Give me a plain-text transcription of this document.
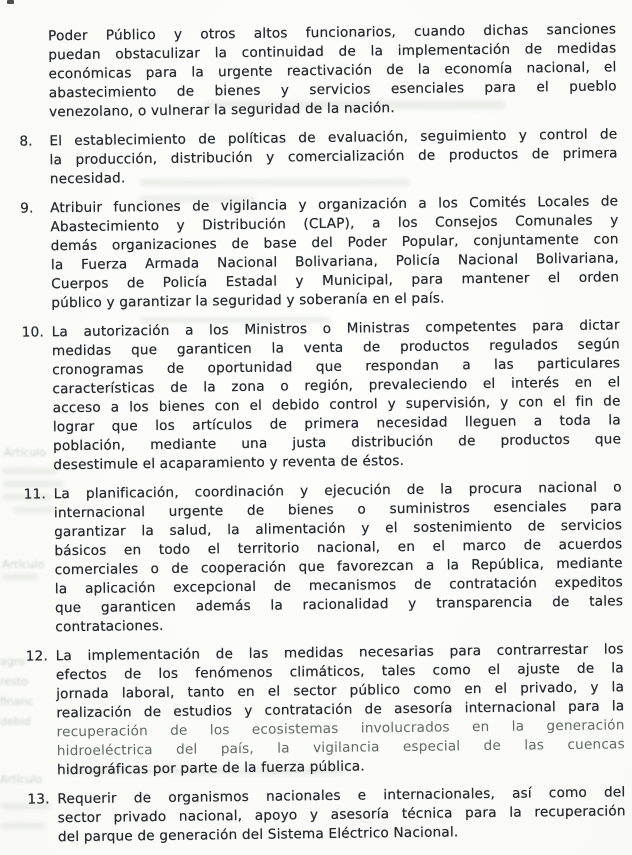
Artículo
Artículo
agro
resto
financ
debid
Artículo
Poder Público y otros altos funcionarios, cuando dichas sanciones
puedan obstaculizar la continuidad de la implementación de medidas
económicas para la urgente reactivación de la economía nacional, el
abastecimiento de bienes y servicios esenciales para el pueblo
venezolano, o vulnerar la seguridad de la nación.
8.	El establecimiento de políticas de evaluación, seguimiento y control de
la producción, distribución y comercialización de productos de primera
necesidad.
9.	Atribuir funciones de vigilancia y organización a los Comités Locales de
Abastecimiento y Distribución (CLAP), a los Consejos Comunales y
demás organizaciones de base del Poder Popular, conjuntamente con
la Fuerza Armada Nacional Bolivariana, Policía Nacional Bolivariana,
Cuerpos de Policía Estadal y Municipal, para mantener el orden
público y garantizar la seguridad y soberanía en el país.
10. La autorización a los Ministros o Ministras competentes para dictar
medidas que garanticen la venta de productos regulados según
cronogramas de oportunidad que respondan a las particulares
características de la zona o región, prevaleciendo el interés en el
acceso a los bienes con el debido control y supervisión, y con el fin de
lograr que los artículos de primera necesidad lleguen a toda la
población, mediante una justa distribución de productos que
desestimule el acaparamiento y reventa de éstos.
11. La planificación, coordinación y ejecución de la procura nacional o
internacional urgente de bienes o suministros esenciales para
garantizar la salud, la alimentación y el sostenimiento de servicios
básicos en todo el territorio nacional, en el marco de acuerdos
comerciales o de cooperación que favorezcan a la República, mediante
la aplicación excepcional de mecanismos de contratación expeditos
que garanticen además la racionalidad y transparencia de tales
contrataciones.
12. La implementación de las medidas necesarias para contrarrestar los
efectos de los fenómenos climáticos, tales como el ajuste de la
jornada laboral, tanto en el sector público como en el privado, y la
realización de estudios y contratación de asesoría internacional para la
recuperación de los ecosistemas involucrados en la generación
hidroeléctrica del país, la vigilancia especial de las cuencas
hidrográficas por parte de la fuerza pública.
13. Requerir de organismos nacionales e internacionales, así como del
sector privado nacional, apoyo y asesoría técnica para la recuperación
del parque de generación del Sistema Eléctrico Nacional.
